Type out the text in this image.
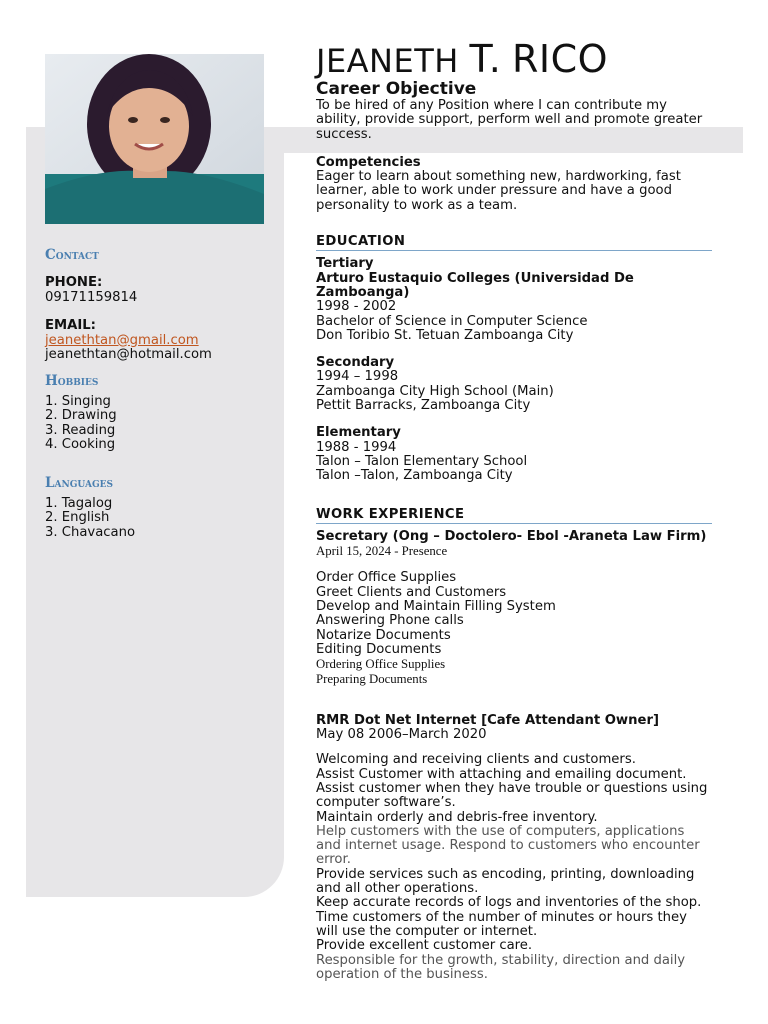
Contact

PHONE:
09171159814
EMAIL:
jeanethtan@gmail.com
jeanethtan@hotmail.com

Hobbies

1. Singing
2. Drawing
3. Reading
4. Cooking

Languages

1. Tagalog
2. English
3. Chavacano
JEANETH T. RICO

Career Objective

To be hired of any Position where I can contribute my ability, provide support, perform well and promote greater success.

Competencies

Eager to learn about something new, hardworking, fast learner, able to work under pressure and have a good personality to work as a team.

EDUCATION

Tertiary

Arturo Eustaquio Colleges (Universidad De Zamboanga)

1998 - 2002

Bachelor of Science in Computer Science

Don Toribio St. Tetuan Zamboanga City

Secondary

1994 – 1998

Zamboanga City High School (Main)

Pettit Barracks, Zamboanga City

Elementary

1988 - 1994

Talon – Talon Elementary School

Talon –Talon, Zamboanga City

WORK EXPERIENCE

Secretary (Ong – Doctolero- Ebol -Araneta Law Firm)

April 15, 2024 - Presence

Order Office Supplies

Greet Clients and Customers

Develop and Maintain Filling System

Answering Phone calls

Notarize Documents

Editing Documents

Ordering Office Supplies

Preparing Documents

RMR Dot Net Internet [Cafe Attendant Owner]

May 08 2006–March 2020

Welcoming and receiving clients and customers.

Assist Customer with attaching and emailing document.

Assist customer when they have trouble or questions using computer software’s.

Maintain orderly and debris-free inventory.

Help customers with the use of computers, applications and internet usage. Respond to customers who encounter error.

Provide services such as encoding, printing, downloading and all other operations.

Keep accurate records of logs and inventories of the shop.

Time customers of the number of minutes or hours they will use the computer or internet.

Provide excellent customer care.

Responsible for the growth, stability, direction and daily operation of the business.
